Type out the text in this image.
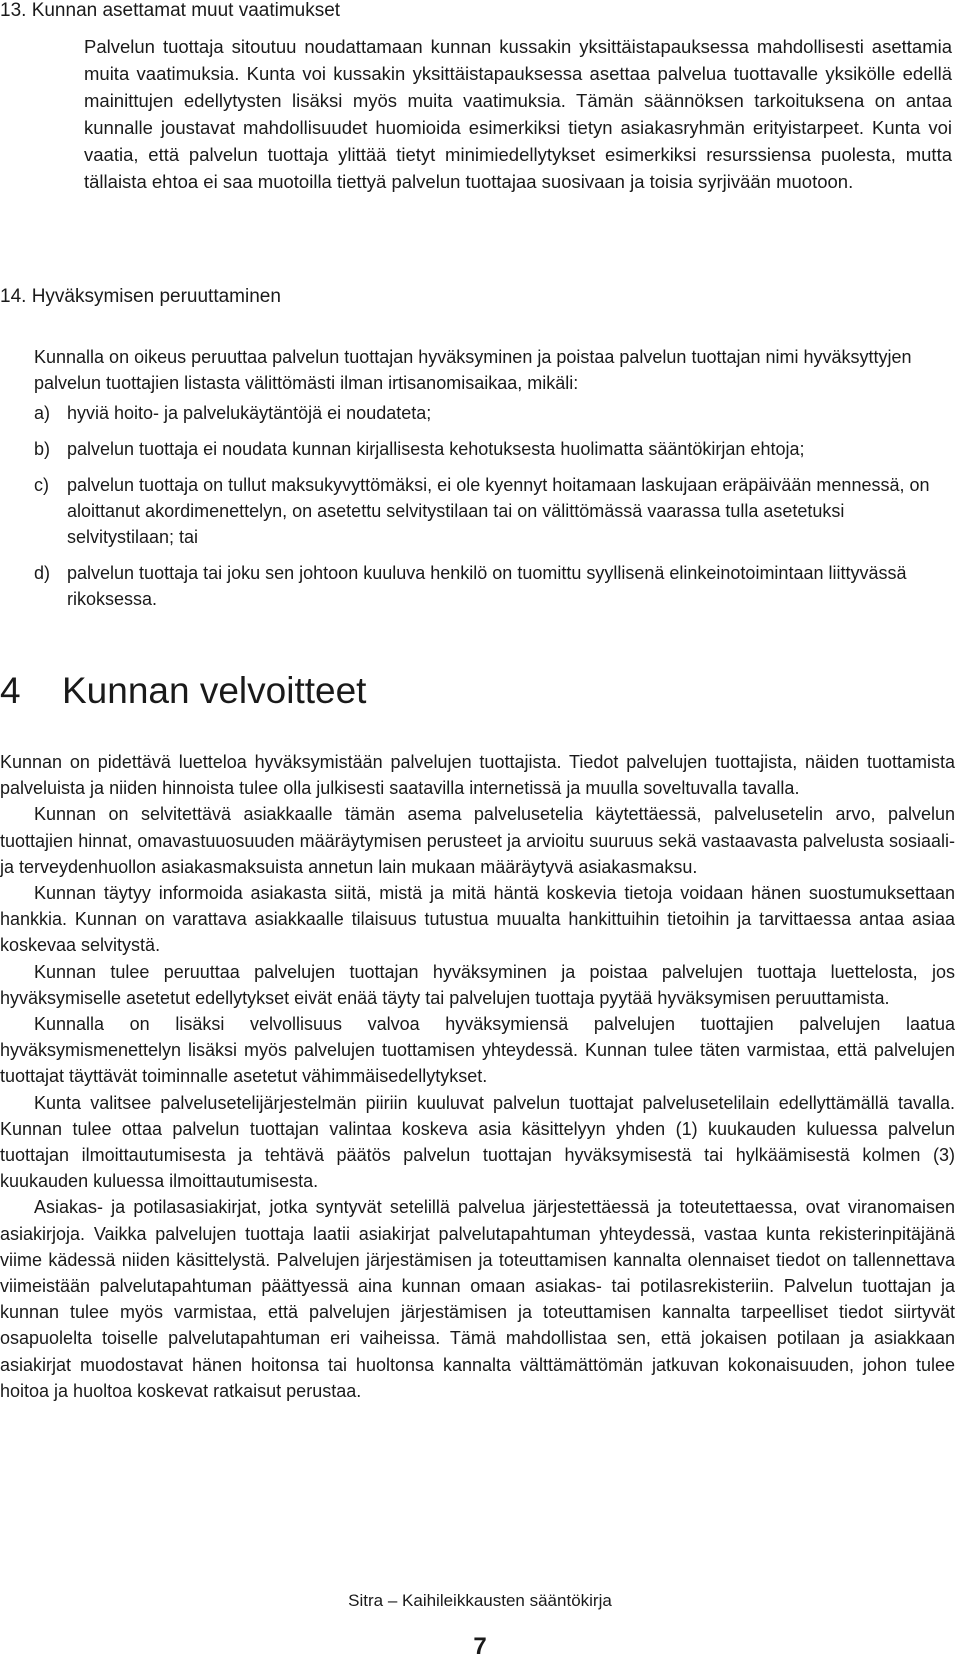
13. Kunnan asettamat muut vaatimukset

Palvelun tuottaja sitoutuu noudattamaan kunnan kussakin yksittäistapauksessa mahdollisesti asettamia muita vaatimuksia. Kunta voi kussakin yksittäistapauksessa asettaa palvelua tuottavalle yksikölle edellä mainittujen edellytysten lisäksi myös muita vaatimuksia. Tämän säännöksen tarkoituksena on antaa kunnalle joustavat mahdollisuudet huomioida esimerkiksi tietyn asiakasryhmän erityistarpeet. Kunta voi vaatia, että palvelun tuottaja ylittää tietyt minimiedellytykset esimerkiksi resurssiensa puolesta, mutta tällaista ehtoa ei saa muotoilla tiettyä palvelun tuottajaa suosivaan ja toisia syrjivään muotoon.

14. Hyväksymisen peruuttaminen

Kunnalla on oikeus peruuttaa palvelun tuottajan hyväksyminen ja poistaa palvelun tuottajan nimi hyväksyttyjen palvelun tuottajien listasta välittömästi ilman irtisanomisaikaa, mikäli:

a) hyviä hoito- ja palvelukäytäntöjä ei noudateta;
b) palvelun tuottaja ei noudata kunnan kirjallisesta kehotuksesta huolimatta sääntökirjan ehtoja;
c)	palvelun tuottaja on tullut maksukyvyttömäksi, ei ole kyennyt hoitamaan laskujaan eräpäivään mennessä, on aloittanut akordimenettelyn, on asetettu selvitystilaan tai on välittömässä vaarassa tulla asetetuksi selvitystilaan; tai
d) palvelun tuottaja tai joku sen johtoon kuuluva henkilö on tuomittu syyllisenä elinkeinotoimintaan liittyvässä rikoksessa.
4 Kunnan velvoitteet

Kunnan on pidettävä luetteloa hyväksymistään palvelujen tuottajista. Tiedot palvelujen tuottajista, näiden tuottamista palveluista ja niiden hinnoista tulee olla julkisesti saatavilla internetissä ja muulla soveltuvalla tavalla.

Kunnan on selvitettävä asiakkaalle tämän asema palvelusetelia käytettäessä, palvelusetelin arvo, palvelun tuottajien hinnat, omavastuuosuuden määräytymisen perusteet ja arvioitu suuruus sekä vastaavasta palvelusta sosiaali- ja terveydenhuollon asiakasmaksuista annetun lain mukaan määräytyvä asiakasmaksu.

Kunnan täytyy informoida asiakasta siitä, mistä ja mitä häntä koskevia tietoja voidaan hänen suostumuksettaan hankkia. Kunnan on varattava asiakkaalle tilaisuus tutustua muualta hankittuihin tietoihin ja tarvittaessa antaa asiaa koskevaa selvitystä.

Kunnan tulee peruuttaa palvelujen tuottajan hyväksyminen ja poistaa palvelujen tuottaja luettelosta, jos hyväksymiselle asetetut edellytykset eivät enää täyty tai palvelujen tuottaja pyytää hyväksymisen peruuttamista.

Kunnalla on lisäksi velvollisuus valvoa hyväksymiensä palvelujen tuottajien palvelujen laatua hyväksymismenettelyn lisäksi myös palvelujen tuottamisen yhteydessä. Kunnan tulee täten varmistaa, että palvelujen tuottajat täyttävät toiminnalle asetetut vähimmäisedellytykset.

Kunta valitsee palvelusetelijärjestelmän piiriin kuuluvat palvelun tuottajat palvelusetelilain edellyttämällä tavalla. Kunnan tulee ottaa palvelun tuottajan valintaa koskeva asia käsittelyyn yhden (1) kuukauden kuluessa palvelun tuottajan ilmoittautumisesta ja tehtävä päätös palvelun tuottajan hyväksymisestä tai hylkäämisestä kolmen (3) kuukauden kuluessa ilmoittautumisesta.

Asiakas- ja potilasasiakirjat, jotka syntyvät setelillä palvelua järjestettäessä ja toteutettaessa, ovat viranomaisen asiakirjoja. Vaikka palvelujen tuottaja laatii asiakirjat palvelutapahtuman yhteydessä, vastaa kunta rekisterinpitäjänä viime kädessä niiden käsittelystä. Palvelujen järjestämisen ja toteuttamisen kannalta olennaiset tiedot on tallennettava viimeistään palvelutapahtuman päättyessä aina kunnan omaan asiakas- tai potilasrekisteriin. Palvelun tuottajan ja kunnan tulee myös varmistaa, että palvelujen järjestämisen ja toteuttamisen kannalta tarpeelliset tiedot siirtyvät osapuolelta toiselle palvelutapahtuman eri vaiheissa. Tämä mahdollistaa sen, että jokaisen potilaan ja asiakkaan asiakirjat muodostavat hänen hoitonsa tai huoltonsa kannalta välttämättömän jatkuvan kokonaisuuden, johon tulee hoitoa ja huoltoa koskevat ratkaisut perustaa.

Sitra – Kaihileikkausten sääntökirja
7
